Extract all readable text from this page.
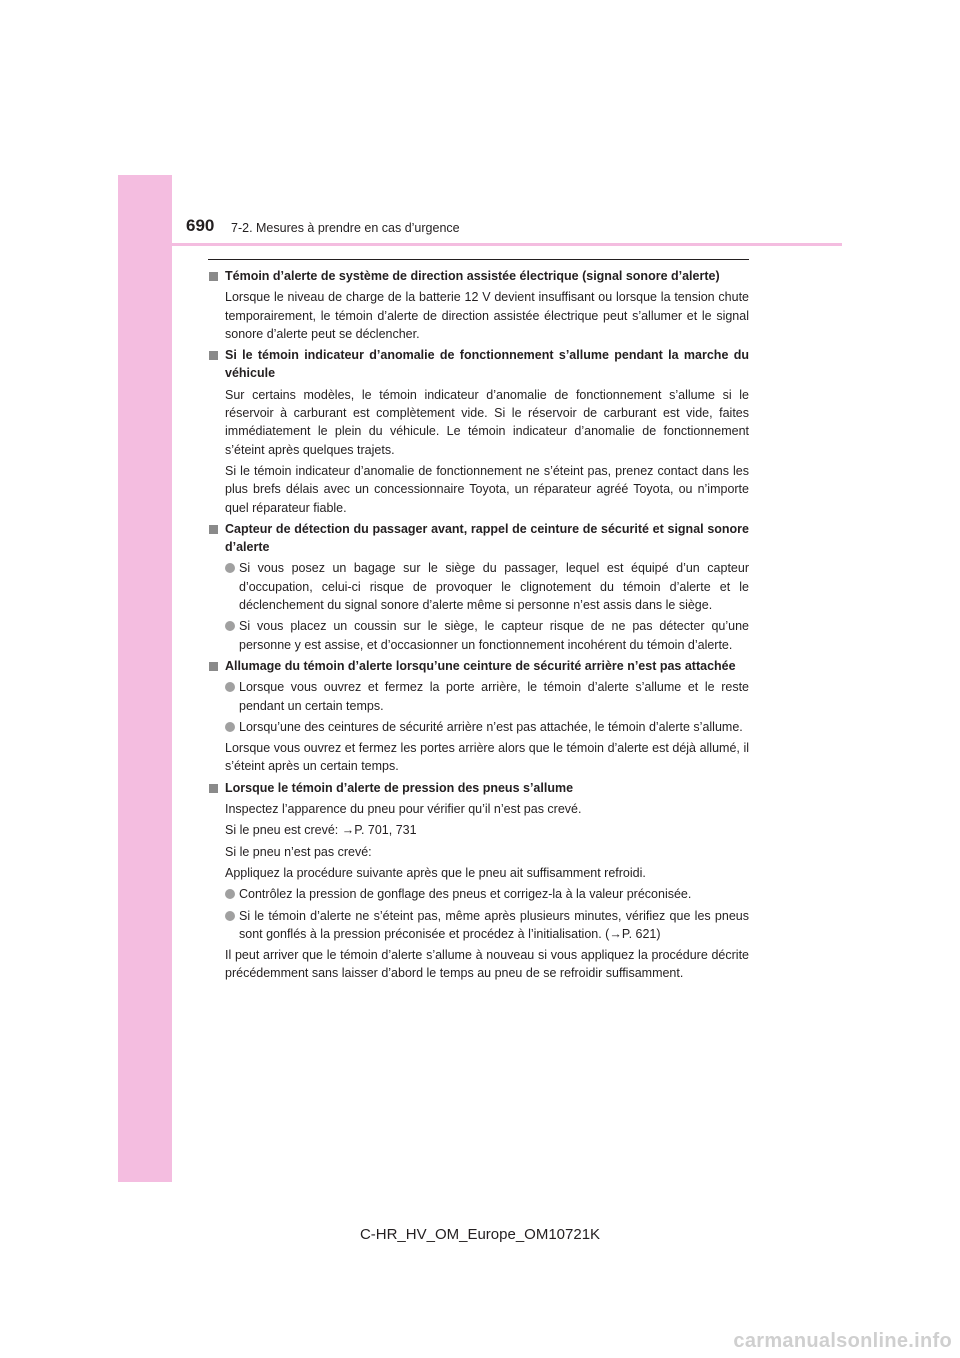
690 7-2. Mesures à prendre en cas d’urgence
Témoin d’alerte de système de direction assistée électrique (signal sonore d’alerte)
Lorsque le niveau de charge de la batterie 12 V devient insuffisant ou lorsque la tension chute temporairement, le témoin d’alerte de direction assistée électrique peut s’allumer et le signal sonore d’alerte peut se déclencher.
Si le témoin indicateur d’anomalie de fonctionnement s’allume pendant la marche du véhicule
Sur certains modèles, le témoin indicateur d’anomalie de fonctionnement s’allume si le réservoir à carburant est complètement vide. Si le réservoir de carburant est vide, faites immédiatement le plein du véhicule. Le témoin indicateur d’anomalie de fonctionnement s’éteint après quelques trajets.
Si le témoin indicateur d’anomalie de fonctionnement ne s’éteint pas, prenez contact dans les plus brefs délais avec un concessionnaire Toyota, un réparateur agréé Toyota, ou n’importe quel réparateur fiable.
Capteur de détection du passager avant, rappel de ceinture de sécurité et signal sonore d’alerte
Si vous posez un bagage sur le siège du passager, lequel est équipé d’un capteur d’occupation, celui-ci risque de provoquer le clignotement du témoin d’alerte et le déclenchement du signal sonore d’alerte même si personne n’est assis dans le siège.
Si vous placez un coussin sur le siège, le capteur risque de ne pas détecter qu’une personne y est assise, et d’occasionner un fonctionnement incohérent du témoin d’alerte.
Allumage du témoin d’alerte lorsqu’une ceinture de sécurité arrière n’est pas attachée
Lorsque vous ouvrez et fermez la porte arrière, le témoin d’alerte s’allume et le reste pendant un certain temps.
Lorsqu’une des ceintures de sécurité arrière n’est pas attachée, le témoin d’alerte s’allume.
Lorsque vous ouvrez et fermez les portes arrière alors que le témoin d’alerte est déjà allumé, il s’éteint après un certain temps.
Lorsque le témoin d’alerte de pression des pneus s’allume
Inspectez l’apparence du pneu pour vérifier qu’il n’est pas crevé.
Si le pneu est crevé: →P. 701, 731
Si le pneu n’est pas crevé:
Appliquez la procédure suivante après que le pneu ait suffisamment refroidi.
Contrôlez la pression de gonflage des pneus et corrigez-la à la valeur préconisée.
Si le témoin d’alerte ne s’éteint pas, même après plusieurs minutes, vérifiez que les pneus sont gonflés à la pression préconisée et procédez à l’initialisation. (→P. 621)
Il peut arriver que le témoin d’alerte s’allume à nouveau si vous appliquez la procédure décrite précédemment sans laisser d’abord le temps au pneu de se refroidir suffisamment.
C-HR_HV_OM_Europe_OM10721K
carmanualsonline.info
